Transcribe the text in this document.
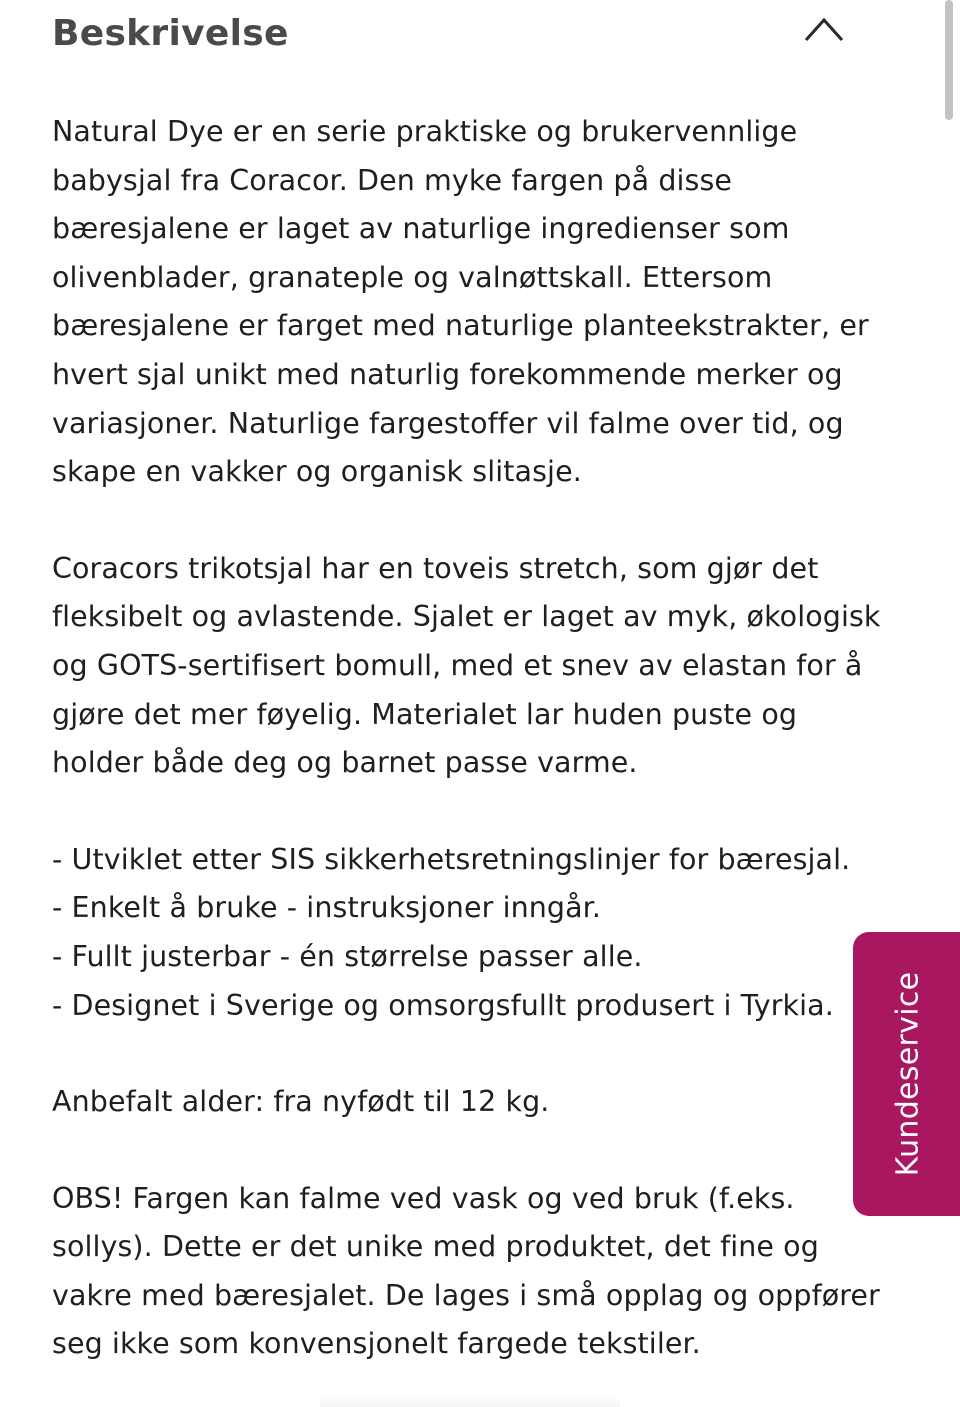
Beskrivelse

Natural Dye er en serie praktiske og brukervennlige
babysjal fra Coracor. Den myke fargen på disse
bæresjalene er laget av naturlige ingredienser som
olivenblader, granateple og valnøttskall. Ettersom
bæresjalene er farget med naturlige planteekstrakter, er
hvert sjal unikt med naturlig forekommende merker og
variasjoner. Naturlige fargestoffer vil falme over tid, og
skape en vakker og organisk slitasje.

Coracors trikotsjal har en toveis stretch, som gjør det
fleksibelt og avlastende. Sjalet er laget av myk, økologisk
og GOTS-sertifisert bomull, med et snev av elastan for å
gjøre det mer føyelig. Materialet lar huden puste og
holder både deg og barnet passe varme.

- Utviklet etter SIS sikkerhetsretningslinjer for bæresjal.
- Enkelt å bruke - instruksjoner inngår.
- Fullt justerbar - én størrelse passer alle.
- Designet i Sverige og omsorgsfullt produsert i Tyrkia.

Anbefalt alder: fra nyfødt til 12 kg.

OBS! Fargen kan falme ved vask og ved bruk (f.eks.
sollys). Dette er det unike med produktet, det fine og
vakre med bæresjalet. De lages i små opplag og oppfører
seg ikke som konvensjonelt fargede tekstiler.

Kundeservice
